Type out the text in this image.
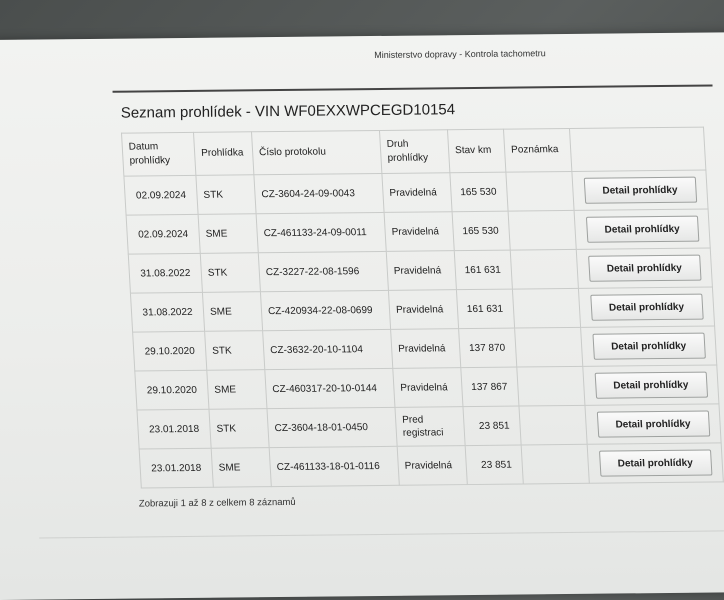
Ministerstvo dopravy - Kontrola tachometru
Seznam prohlídek - VIN WF0EXXWPCEGD10154
Datum prohlídky	Prohlídka	Číslo protokolu	Druh prohlídky	Stav km	Poznámka	
02.09.2024	STK	CZ-3604-24-09-0043	Pravidelná	165 530		Detail prohlídky

02.09.2024	SME	CZ-461133-24-09-0011	Pravidelná	165 530		Detail prohlídky

31.08.2022	STK	CZ-3227-22-08-1596	Pravidelná	161 631		Detail prohlídky

31.08.2022	SME	CZ-420934-22-08-0699	Pravidelná	161 631		Detail prohlídky

29.10.2020	STK	CZ-3632-20-10-1104	Pravidelná	137 870		Detail prohlídky

29.10.2020	SME	CZ-460317-20-10-0144	Pravidelná	137 867		Detail prohlídky

23.01.2018	STK	CZ-3604-18-01-0450	Pred registraci	23 851		Detail prohlídky

23.01.2018	SME	CZ-461133-18-01-0116	Pravidelná	23 851		Detail prohlídky
Zobrazuji 1 až 8 z celkem 8 záznamů
